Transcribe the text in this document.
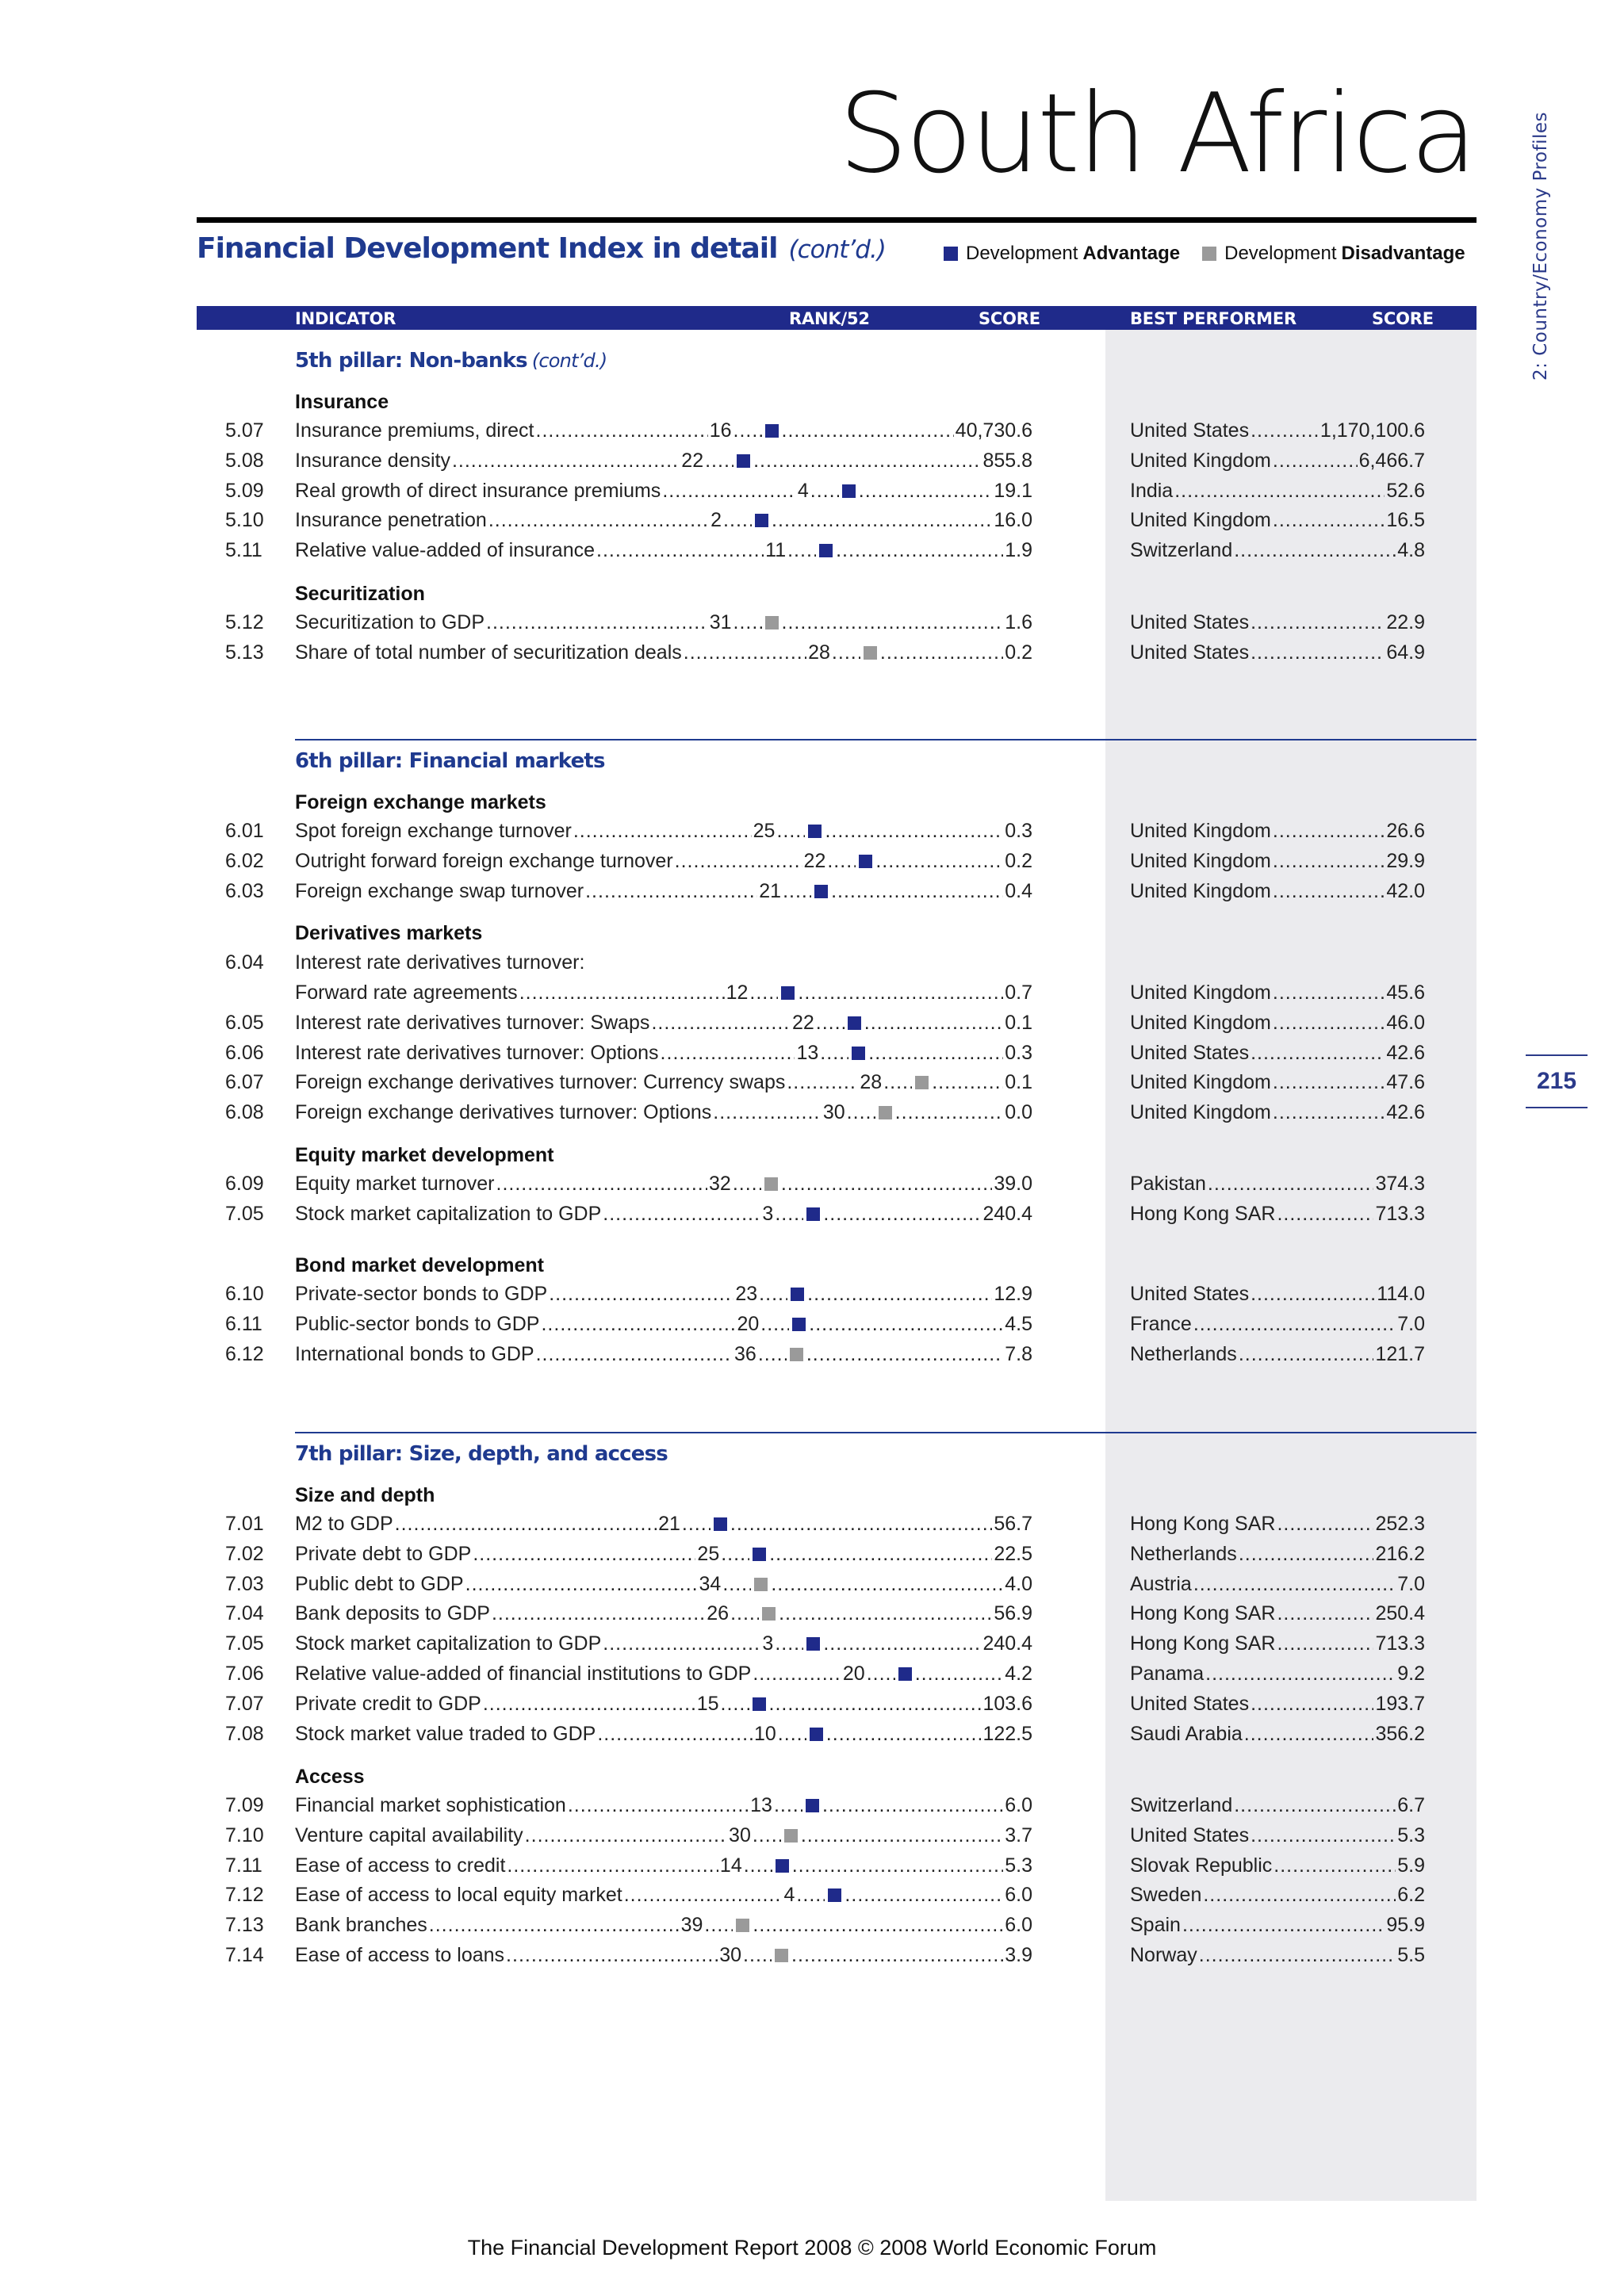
South Africa	2: Country/Economy Profiles
215
Financial Development Index in detail (cont’d.)	Development Advantage Development Disadvantage
INDICATOR	RANK/52	SCORE	BEST PERFORMER	SCORE
5th pillar: Non-banks (cont’d.)
Insurance
5.07 Insurance premiums, direct .....	16 ..... .....	40,730.6	United States .....	1,170,100.6
5.08 Insurance density .....	22 ..... .....	855.8	United Kingdom .....	6,466.7
5.09 Real growth of direct insurance premiums .....	4 ..... .....	19.1	India .....	52.6
5.10 Insurance penetration .....	2 ..... .....	16.0	United Kingdom .....	16.5
5.11 Relative value-added of insurance .....	11 ..... .....	1.9	Switzerland .....	4.8
Securitization
5.12 Securitization to GDP .....	31 ..... .....	1.6	United States .....	22.9
5.13 Share of total number of securitization deals .....	28 ..... .....	0.2	United States .....	64.9
6th pillar: Financial markets
Foreign exchange markets
6.01 Spot foreign exchange turnover .....	25 ..... .....	0.3	United Kingdom .....	26.6
6.02 Outright forward foreign exchange turnover .....	22 ..... .....	0.2	United Kingdom .....	29.9
6.03 Foreign exchange swap turnover .....	21 ..... .....	0.4	United Kingdom .....	42.0
Derivatives markets
6.04 Interest rate derivatives turnover:
Forward rate agreements .....	12 ..... .....	0.7	United Kingdom .....	45.6
6.05 Interest rate derivatives turnover: Swaps .....	22 ..... .....	0.1	United Kingdom .....	46.0
6.06 Interest rate derivatives turnover: Options .....	13 ..... .....	0.3	United States .....	42.6
6.07 Foreign exchange derivatives turnover: Currency swaps .....	28 ..... .....	0.1	United Kingdom .....	47.6
6.08 Foreign exchange derivatives turnover: Options .....	30 ..... .....	0.0	United Kingdom .....	42.6
Equity market development
6.09 Equity market turnover .....	32 ..... .....	39.0	Pakistan .....	374.3
7.05 Stock market capitalization to GDP .....	3 ..... .....	240.4	Hong Kong SAR .....	713.3
Bond market development
6.10 Private-sector bonds to GDP .....	23 ..... .....	12.9	United States .....	114.0
6.11 Public-sector bonds to GDP .....	20 ..... .....	4.5	France .....	7.0
6.12 International bonds to GDP .....	36 ..... .....	7.8	Netherlands .....	121.7
7th pillar: Size, depth, and access
Size and depth
7.01 M2 to GDP .....	21 ..... .....	56.7	Hong Kong SAR .....	252.3
7.02 Private debt to GDP .....	25 ..... .....	22.5	Netherlands .....	216.2
7.03 Public debt to GDP .....	34 ..... .....	4.0	Austria .....	7.0
7.04 Bank deposits to GDP .....	26 ..... .....	56.9	Hong Kong SAR .....	250.4
7.05 Stock market capitalization to GDP .....	3 ..... .....	240.4	Hong Kong SAR .....	713.3
7.06 Relative value-added of financial institutions to GDP .....	20 ..... .....	4.2	Panama .....	9.2
7.07 Private credit to GDP .....	15 ..... .....	103.6	United States .....	193.7
7.08 Stock market value traded to GDP .....	10 ..... .....	122.5	Saudi Arabia .....	356.2
Access
7.09 Financial market sophistication .....	13 ..... .....	6.0	Switzerland .....	6.7
7.10 Venture capital availability .....	30 ..... .....	3.7	United States .....	5.3
7.11 Ease of access to credit .....	14 ..... .....	5.3	Slovak Republic .....	5.9
7.12 Ease of access to local equity market .....	4 ..... .....	6.0	Sweden .....	6.2
7.13 Bank branches .....	39 ..... .....	6.0	Spain .....	95.9
7.14 Ease of access to loans .....	30 ..... .....	3.9	Norway .....	5.5
The Financial Development Report 2008 © 2008 World Economic Forum
